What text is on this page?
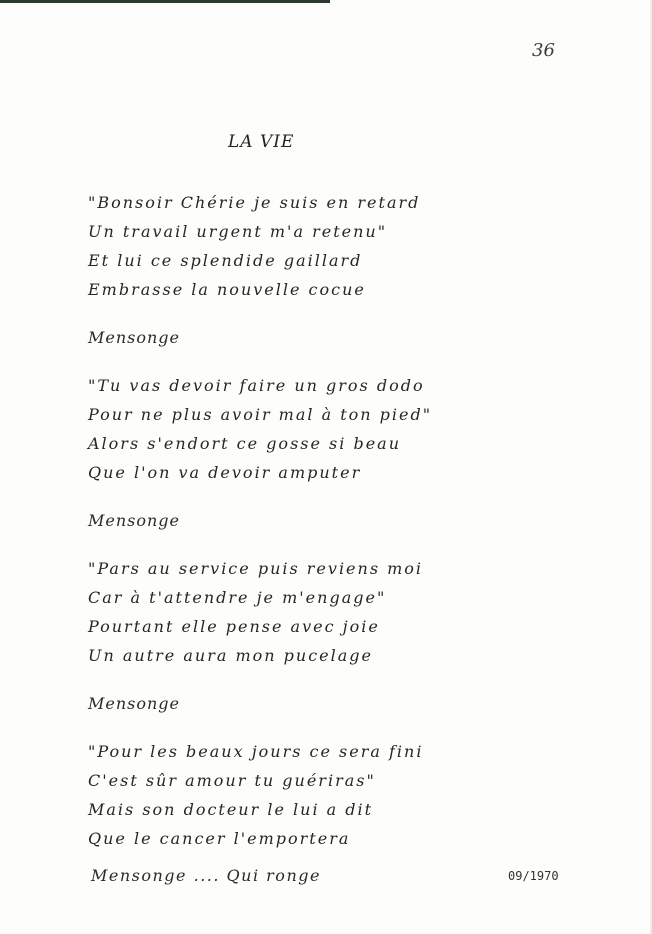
36
LA VIE
"Bonsoir Chérie je suis en retard
Un travail urgent m'a retenu"
Et lui ce splendide gaillard
Embrasse la nouvelle cocue
Mensonge
"Tu vas devoir faire un gros dodo
Pour ne plus avoir mal à ton pied"
Alors s'endort ce gosse si beau
Que l'on va devoir amputer
Mensonge
"Pars au service puis reviens moi
Car à t'attendre je m'engage"
Pourtant elle pense avec joie
Un autre aura mon pucelage
Mensonge
"Pour les beaux jours ce sera fini
C'est sûr amour tu guériras"
Mais son docteur le lui a dit
Que le cancer l'emportera
Mensonge .... Qui ronge	09/1970
